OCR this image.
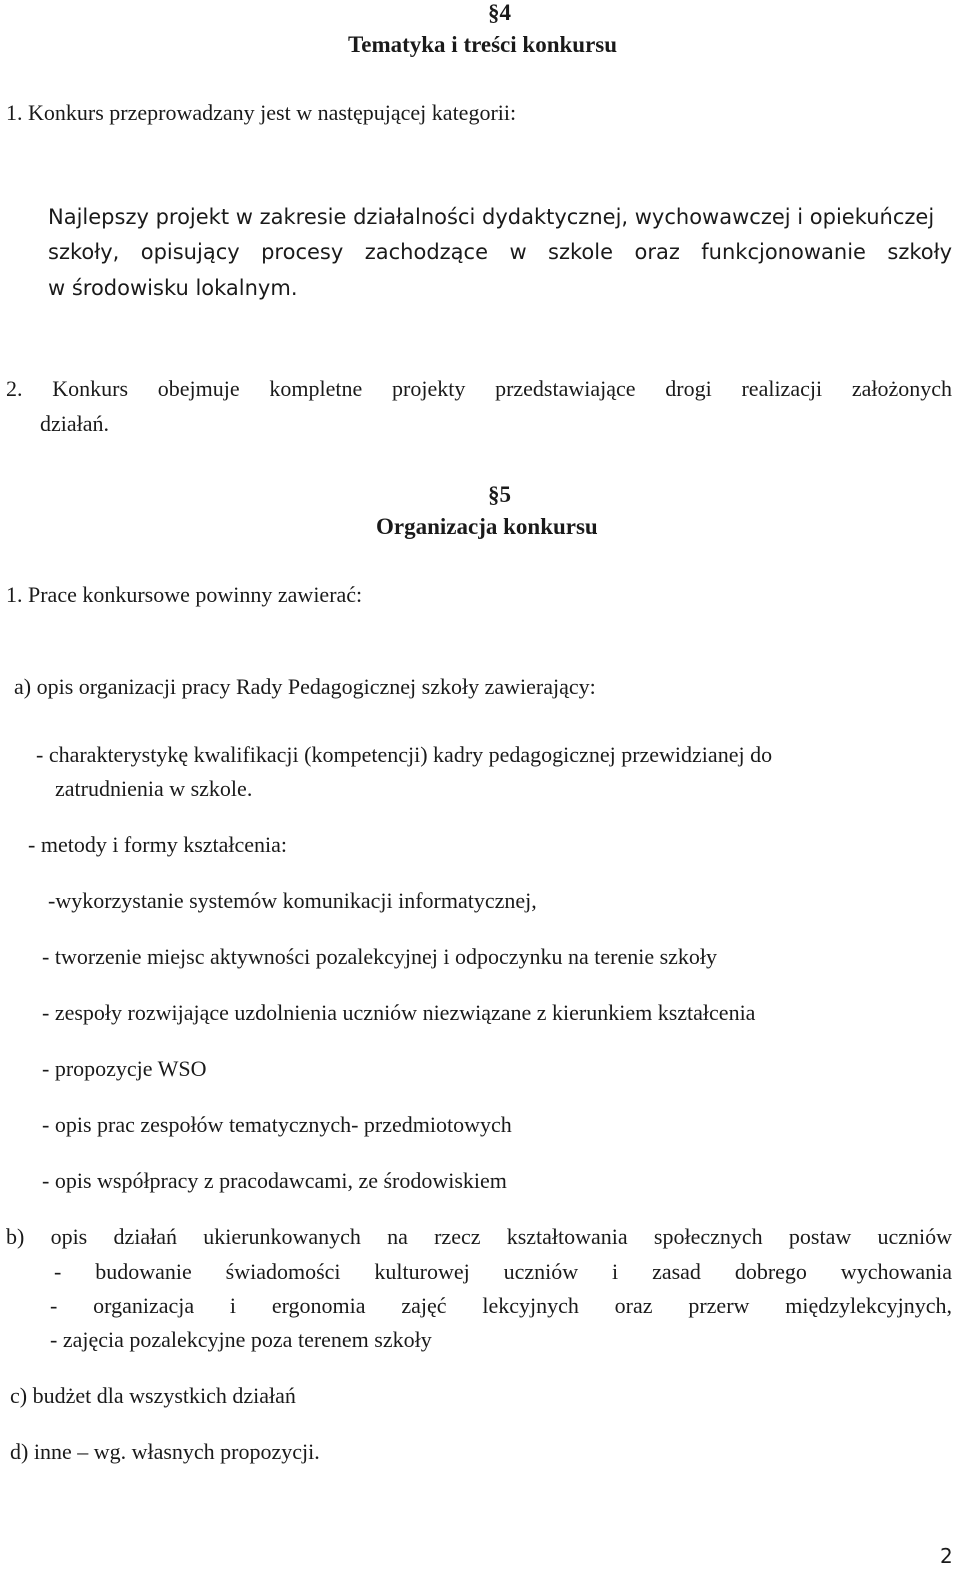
§4
Tematyka i treści konkursu
1. Konkurs przeprowadzany jest w następującej kategorii:
Najlepszy projekt w zakresie działalności dydaktycznej, wychowawczej i opiekuńczej
szkoły, opisujący procesy zachodzące w szkole oraz funkcjonowanie szkoły
w środowisku lokalnym.
2. Konkurs obejmuje kompletne projekty przedstawiające drogi realizacji założonych
działań.
§5
Organizacja konkursu
1. Prace konkursowe powinny zawierać:
a) opis organizacji pracy Rady Pedagogicznej szkoły zawierający:
- charakterystykę kwalifikacji (kompetencji) kadry pedagogicznej przewidzianej do
zatrudnienia w szkole.
- metody i formy kształcenia:
-wykorzystanie systemów komunikacji informatycznej,
- tworzenie miejsc aktywności pozalekcyjnej i odpoczynku na terenie szkoły
- zespoły rozwijające uzdolnienia uczniów niezwiązane z kierunkiem kształcenia
- propozycje WSO
- opis prac zespołów tematycznych- przedmiotowych
- opis współpracy z pracodawcami, ze środowiskiem
b) opis działań ukierunkowanych na rzecz kształtowania społecznych postaw uczniów
- budowanie świadomości kulturowej uczniów i zasad dobrego wychowania
- organizacja i ergonomia zajęć lekcyjnych oraz przerw międzylekcyjnych,
- zajęcia pozalekcyjne poza terenem szkoły
c) budżet dla wszystkich działań
d) inne – wg. własnych propozycji.
2
